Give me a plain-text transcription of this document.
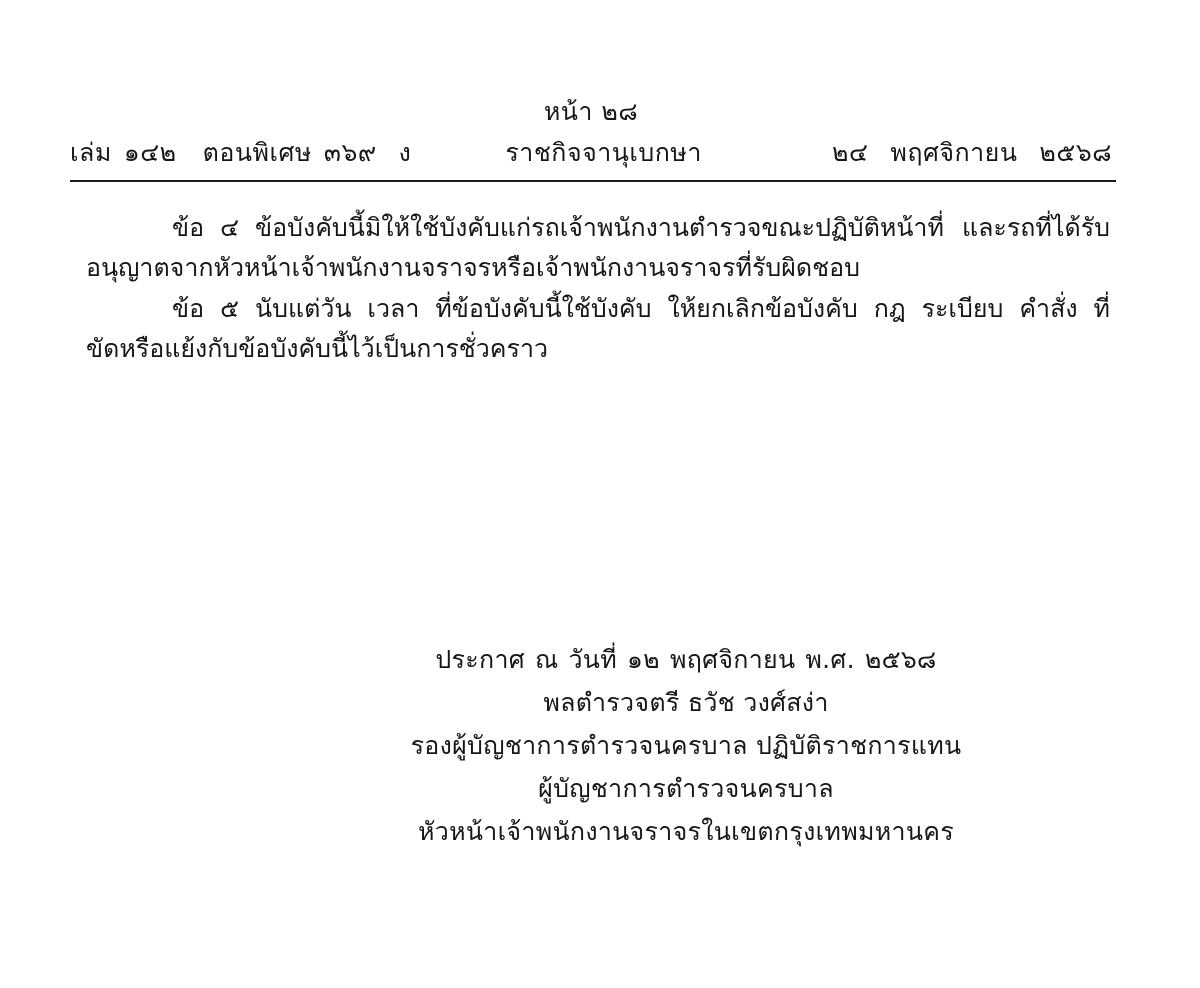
หน้า ๒๘
เล่ม ๑๔๒ ตอนพิเศษ ๓๖๙ ง	ราชกิจจานุเบกษา	๒๔ พฤศจิกายน ๒๕๖๘

ข้อ ๔ ข้อบังคับนี้มิให้ใช้บังคับแก่รถเจ้าพนักงานตำรวจขณะปฏิบัติหน้าที่ และรถที่ได้รับอนุญาตจากหัวหน้าเจ้าพนักงานจราจรหรือเจ้าพนักงานจราจรที่รับผิดชอบ

ข้อ ๕ นับแต่วัน เวลา ที่ข้อบังคับนี้ใช้บังคับ ให้ยกเลิกข้อบังคับ กฎ ระเบียบ คำสั่ง ที่ขัดหรือแย้งกับข้อบังคับนี้ไว้เป็นการชั่วคราว

ประกาศ ณ วันที่ ๑๒ พฤศจิกายน พ.ศ. ๒๕๖๘
พลตำรวจตรี ธวัช วงศ์สง่า
รองผู้บัญชาการตำรวจนครบาล ปฏิบัติราชการแทน
ผู้บัญชาการตำรวจนครบาล
หัวหน้าเจ้าพนักงานจราจรในเขตกรุงเทพมหานคร
